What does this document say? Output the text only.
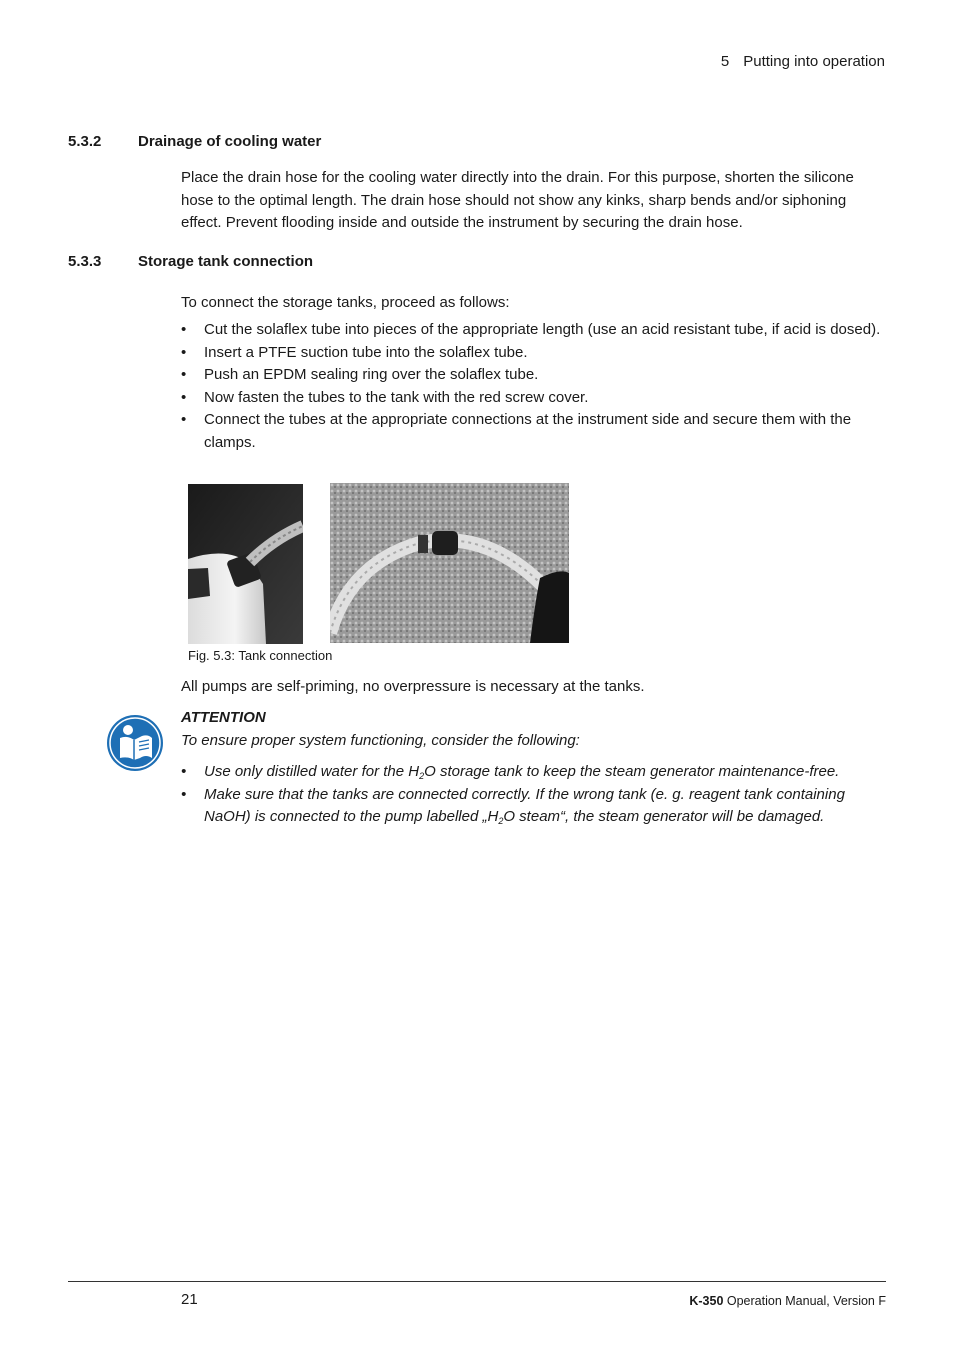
5 Putting into operation
5.3.2 Drainage of cooling water
Place the drain hose for the cooling water directly into the drain. For this purpose, shorten the silicone hose to the optimal length. The drain hose should not show any kinks, sharp bends and/or siphoning effect. Prevent flooding inside and outside the instrument by securing the drain hose.
5.3.3 Storage tank connection
To connect the storage tanks, proceed as follows:
• Cut the solaflex tube into pieces of the appropriate length (use an acid resistant tube, if acid is dosed).
• Insert a PTFE suction tube into the solaflex tube.
• Push an EPDM sealing ring over the solaflex tube.
• Now fasten the tubes to the tank with the red screw cover.
• Connect the tubes at the appropriate connections at the instrument side and secure them with the clamps.
Fig. 5.3: Tank connection
All pumps are self-priming, no overpressure is necessary at the tanks.
ATTENTION
To ensure proper system functioning, consider the following:
• Use only distilled water for the $H_2O$ storage tank to keep the steam generator maintenance-free.
• Make sure that the tanks are connected correctly. If the wrong tank (e. g. reagent tank containing NaOH) is connected to the pump labelled $„H_2O$ steam“, the steam generator will be damaged.
21	K-350 Operation Manual, Version F
